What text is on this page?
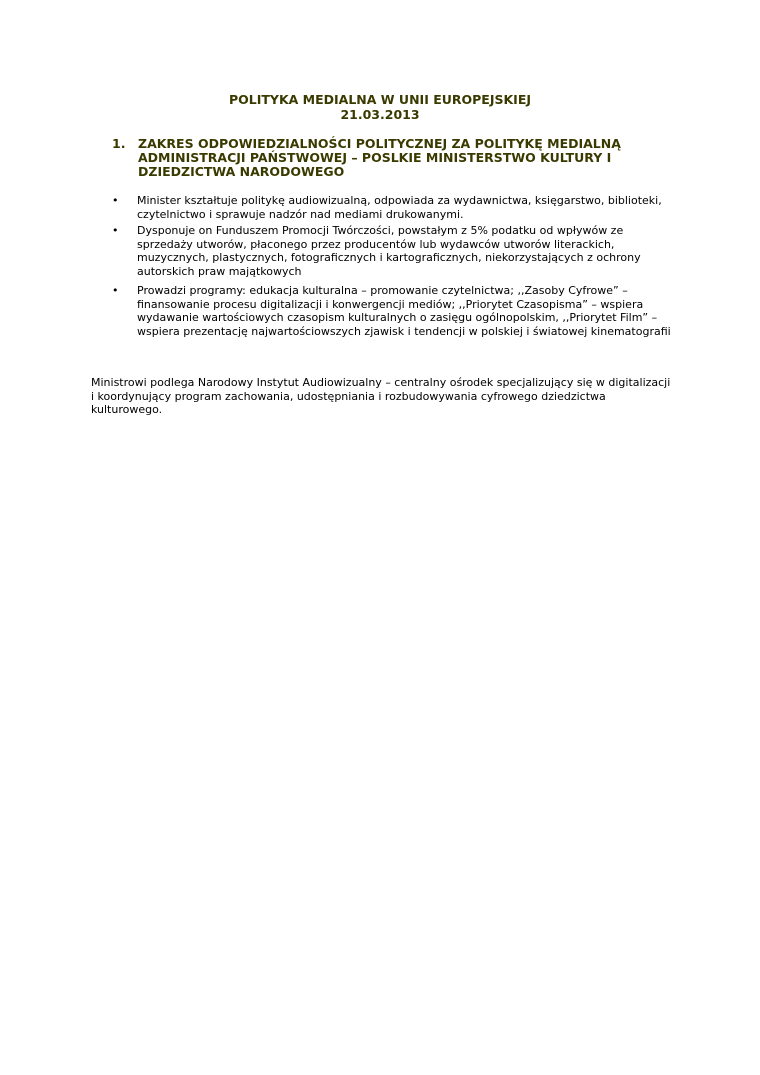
POLITYKA MEDIALNA W UNII EUROPEJSKIEJ
21.03.2013
1. ZAKRES ODPOWIEDZIALNOŚCI POLITYCZNEJ ZA POLITYKĘ MEDIALNĄ ADMINISTRACJI PAŃSTWOWEJ – POSLKIE MINISTERSTWO KULTURY I DZIEDZICTWA NARODOWEGO
• Minister kształtuje politykę audiowizualną, odpowiada za wydawnictwa, księgarstwo, biblioteki, czytelnictwo i sprawuje nadzór nad mediami drukowanymi.
• Dysponuje on Funduszem Promocji Twórczości, powstałym z 5% podatku od wpływów ze sprzedaży utworów, płaconego przez producentów lub wydawców utworów literackich, muzycznych, plastycznych, fotograficznych i kartograficznych, niekorzystających z ochrony autorskich praw majątkowych
• Prowadzi programy: edukacja kulturalna – promowanie czytelnictwa; ,,Zasoby Cyfrowe” – finansowanie procesu digitalizacji i konwergencji mediów; ,,Priorytet Czasopisma” – wspiera wydawanie wartościowych czasopism kulturalnych o zasięgu ogólnopolskim, ,,Priorytet Film” – wspiera prezentację najwartościowszych zjawisk i tendencji w polskiej i światowej kinematografii

Ministrowi podlega Narodowy Instytut Audiowizualny – centralny ośrodek specjalizujący się w digitalizacji i koordynujący program zachowania, udostępniania i rozbudowywania cyfrowego dziedzictwa kulturowego.
